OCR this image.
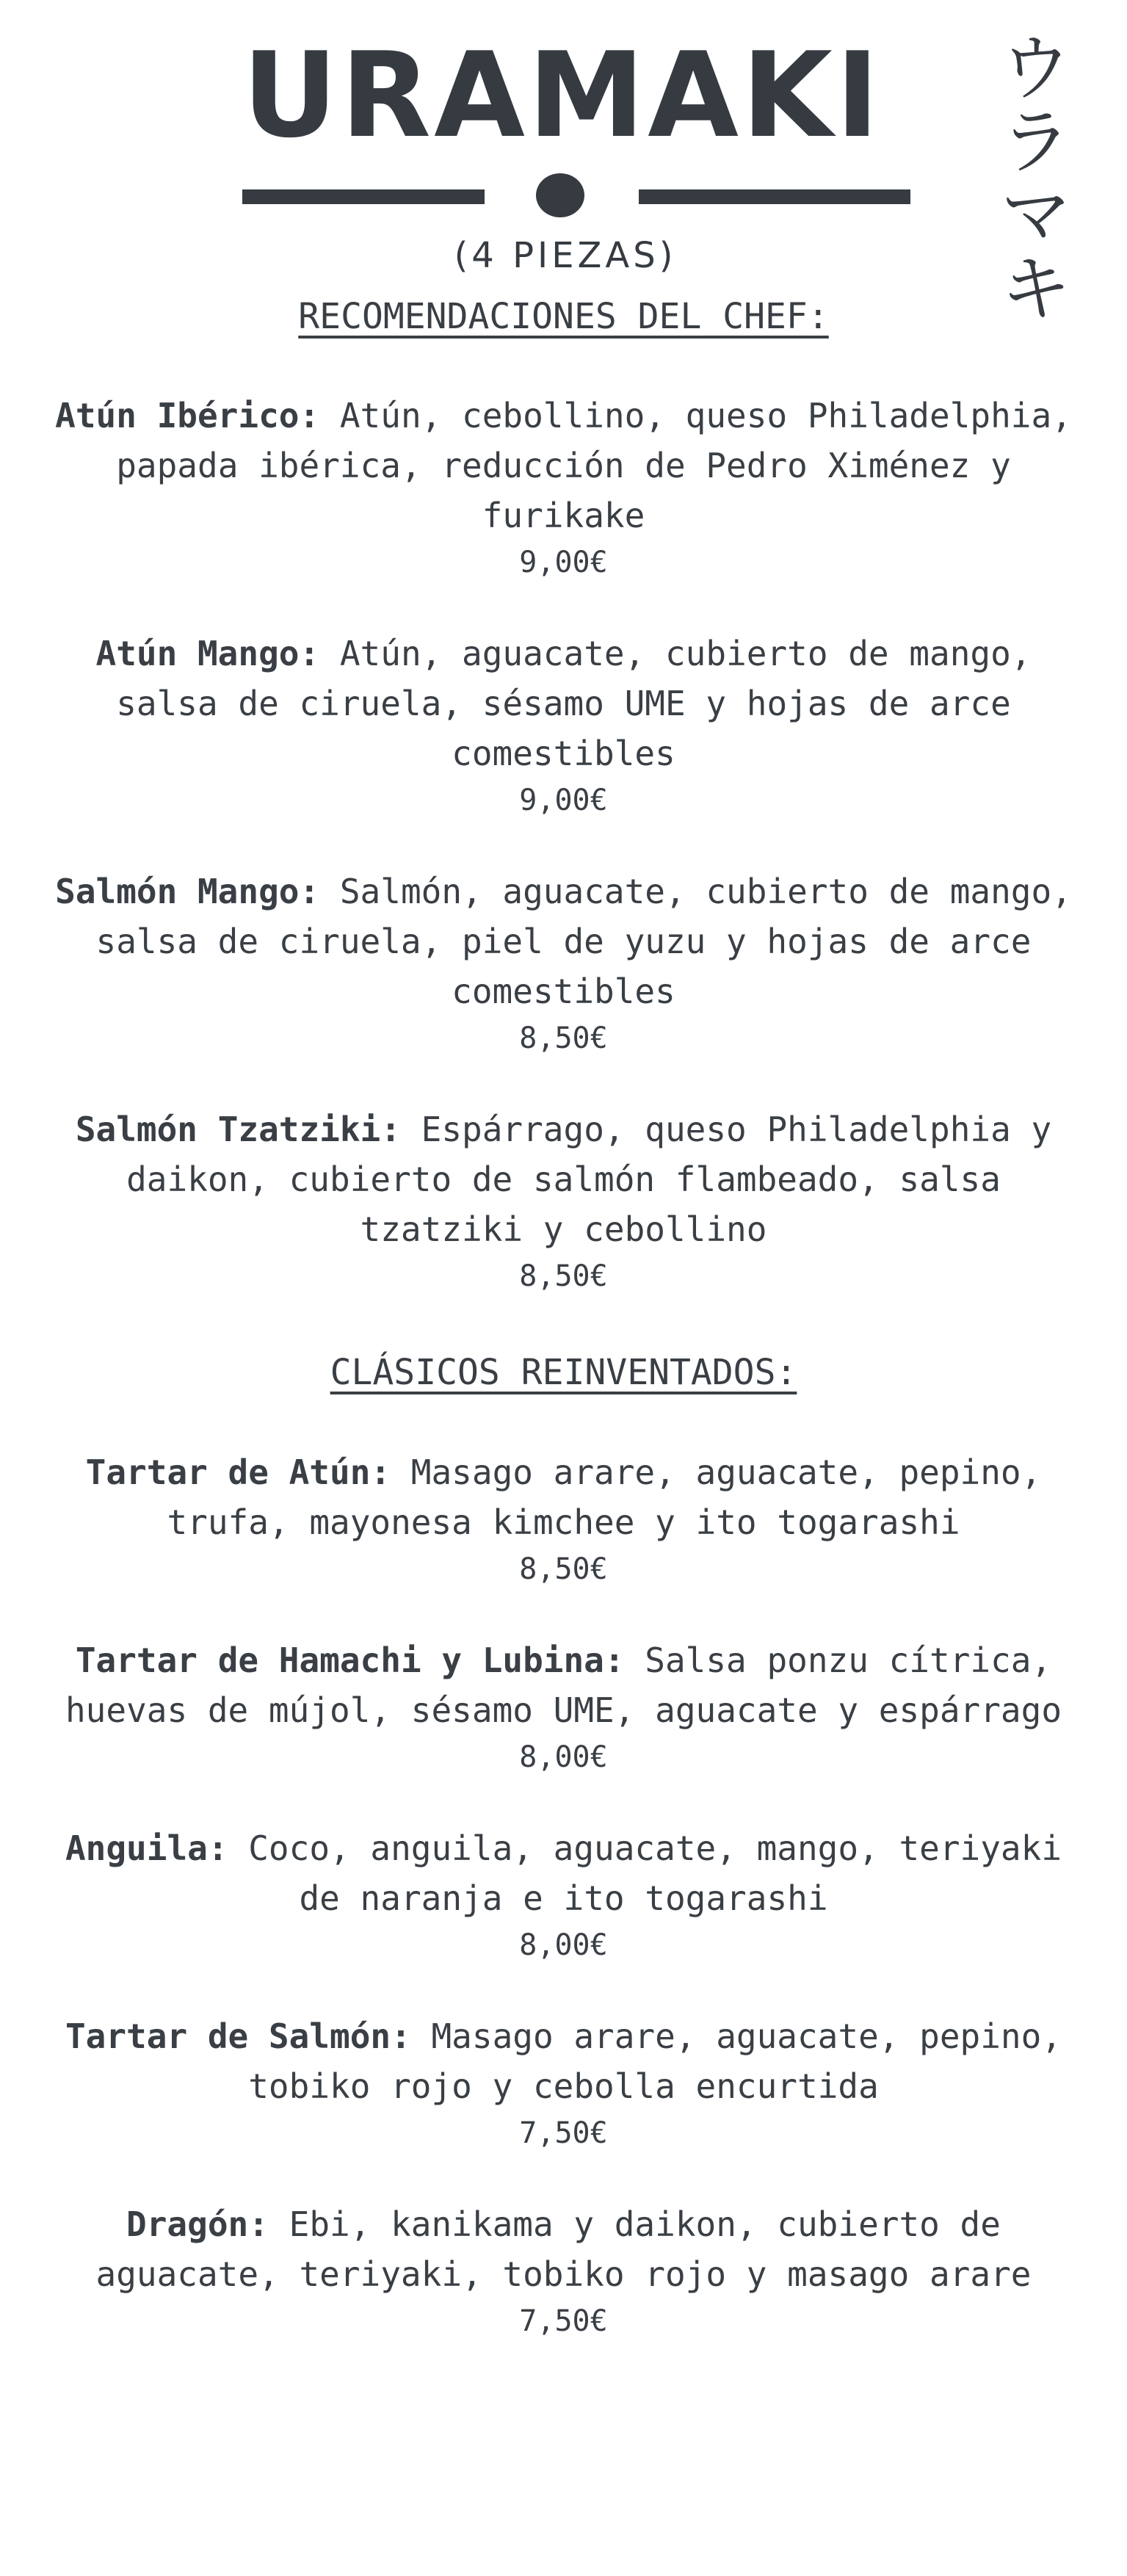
URAMAKI
(4 PIEZAS)	ウラマキ

RECOMENDACIONES DEL CHEF:

Atún Ibérico: Atún, cebollino, queso Philadelphia, papada ibérica, reducción de Pedro Ximénez y furikake

9,00€

Atún Mango: Atún, aguacate, cubierto de mango, salsa de ciruela, sésamo UME y hojas de arce comestibles

9,00€

Salmón Mango: Salmón, aguacate, cubierto de mango, salsa de ciruela, piel de yuzu y hojas de arce comestibles

8,50€

Salmón Tzatziki: Espárrago, queso Philadelphia y daikon, cubierto de salmón flambeado, salsa tzatziki y cebollino

8,50€

CLÁSICOS REINVENTADOS:

Tartar de Atún: Masago arare, aguacate, pepino, trufa, mayonesa kimchee y ito togarashi

8,50€

Tartar de Hamachi y Lubina: Salsa ponzu cítrica, huevas de mújol, sésamo UME, aguacate y espárrago

8,00€

Anguila: Coco, anguila, aguacate, mango, teriyaki de naranja e ito togarashi

8,00€

Tartar de Salmón: Masago arare, aguacate, pepino, tobiko rojo y cebolla encurtida

7,50€

Dragón: Ebi, kanikama y daikon, cubierto de aguacate, teriyaki, tobiko rojo y masago arare

7,50€
